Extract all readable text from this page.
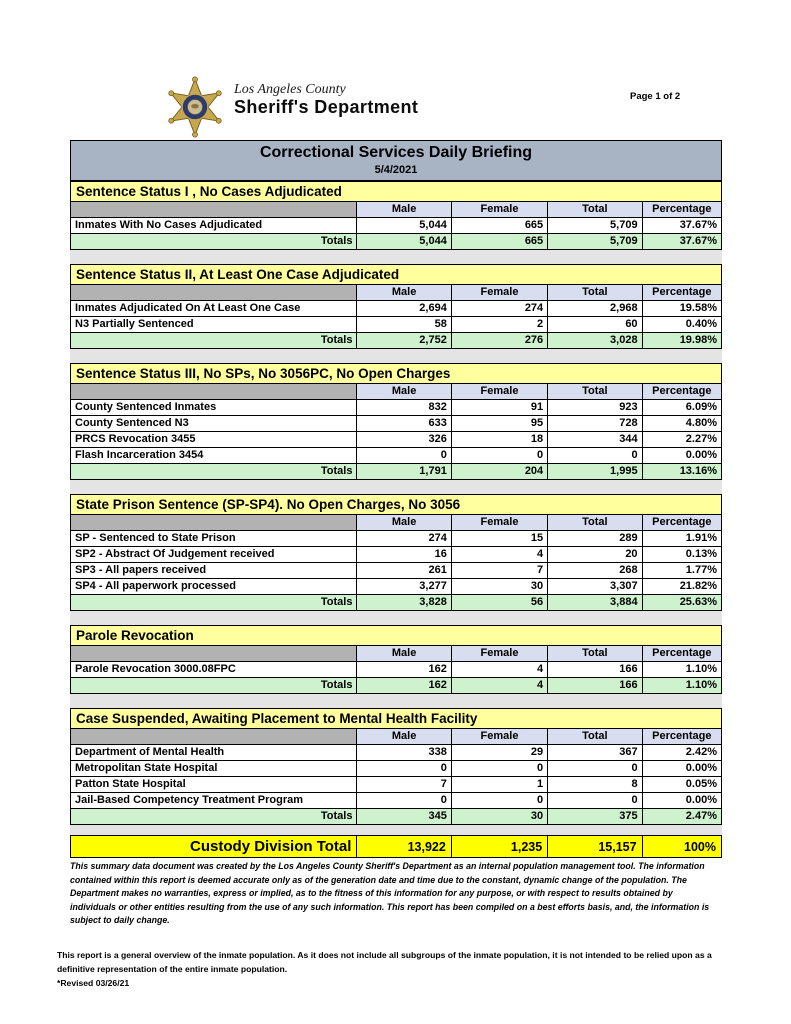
Los Angeles County
Sheriff's Department
Page 1 of 2
Correctional Services Daily Briefing
5/4/2021
Sentence Status I , No Cases Adjudicated
	Male	Female	Total	Percentage
Inmates With No Cases Adjudicated	5,044	665	5,709	37.67%
Totals	5,044	665	5,709	37.67%
Sentence Status II, At Least One Case Adjudicated
	Male	Female	Total	Percentage
Inmates Adjudicated On At Least One Case	2,694	274	2,968	19.58%
N3 Partially Sentenced	58	2	60	0.40%
Totals	2,752	276	3,028	19.98%
Sentence Status III, No SPs, No 3056PC, No Open Charges
	Male	Female	Total	Percentage
County Sentenced Inmates	832	91	923	6.09%
County Sentenced N3	633	95	728	4.80%
PRCS Revocation 3455	326	18	344	2.27%
Flash Incarceration 3454	0	0	0	0.00%
Totals	1,791	204	1,995	13.16%
State Prison Sentence (SP-SP4). No Open Charges, No 3056
	Male	Female	Total	Percentage
SP - Sentenced to State Prison	274	15	289	1.91%
SP2 - Abstract Of Judgement received	16	4	20	0.13%
SP3 - All papers received	261	7	268	1.77%
SP4 - All paperwork processed	3,277	30	3,307	21.82%
Totals	3,828	56	3,884	25.63%
Parole Revocation
	Male	Female	Total	Percentage
Parole Revocation 3000.08FPC	162	4	166	1.10%
Totals	162	4	166	1.10%
Case Suspended, Awaiting Placement to Mental Health Facility
	Male	Female	Total	Percentage
Department of Mental Health	338	29	367	2.42%
Metropolitan State Hospital	0	0	0	0.00%
Patton State Hospital	7	1	8	0.05%
Jail-Based Competency Treatment Program	0	0	0	0.00%
Totals	345	30	375	2.47%
Custody Division Total	13,922	1,235	15,157	100%

This summary data document was created by the Los Angeles County Sheriff's Department as an internal population management tool. The information contained within this report is deemed accurate only as of the generation date and time due to the constant, dynamic change of the population. The Department makes no warranties, express or implied, as to the fitness of this information for any purpose, or with respect to results obtained by individuals or other entities resulting from the use of any such information. This report has been compiled on a best efforts basis, and, the information is subject to daily change.

This report is a general overview of the inmate population. As it does not include all subgroups of the inmate population, it is not intended to be relied upon as a definitive representation of the entire inmate population.

*Revised 03/26/21
